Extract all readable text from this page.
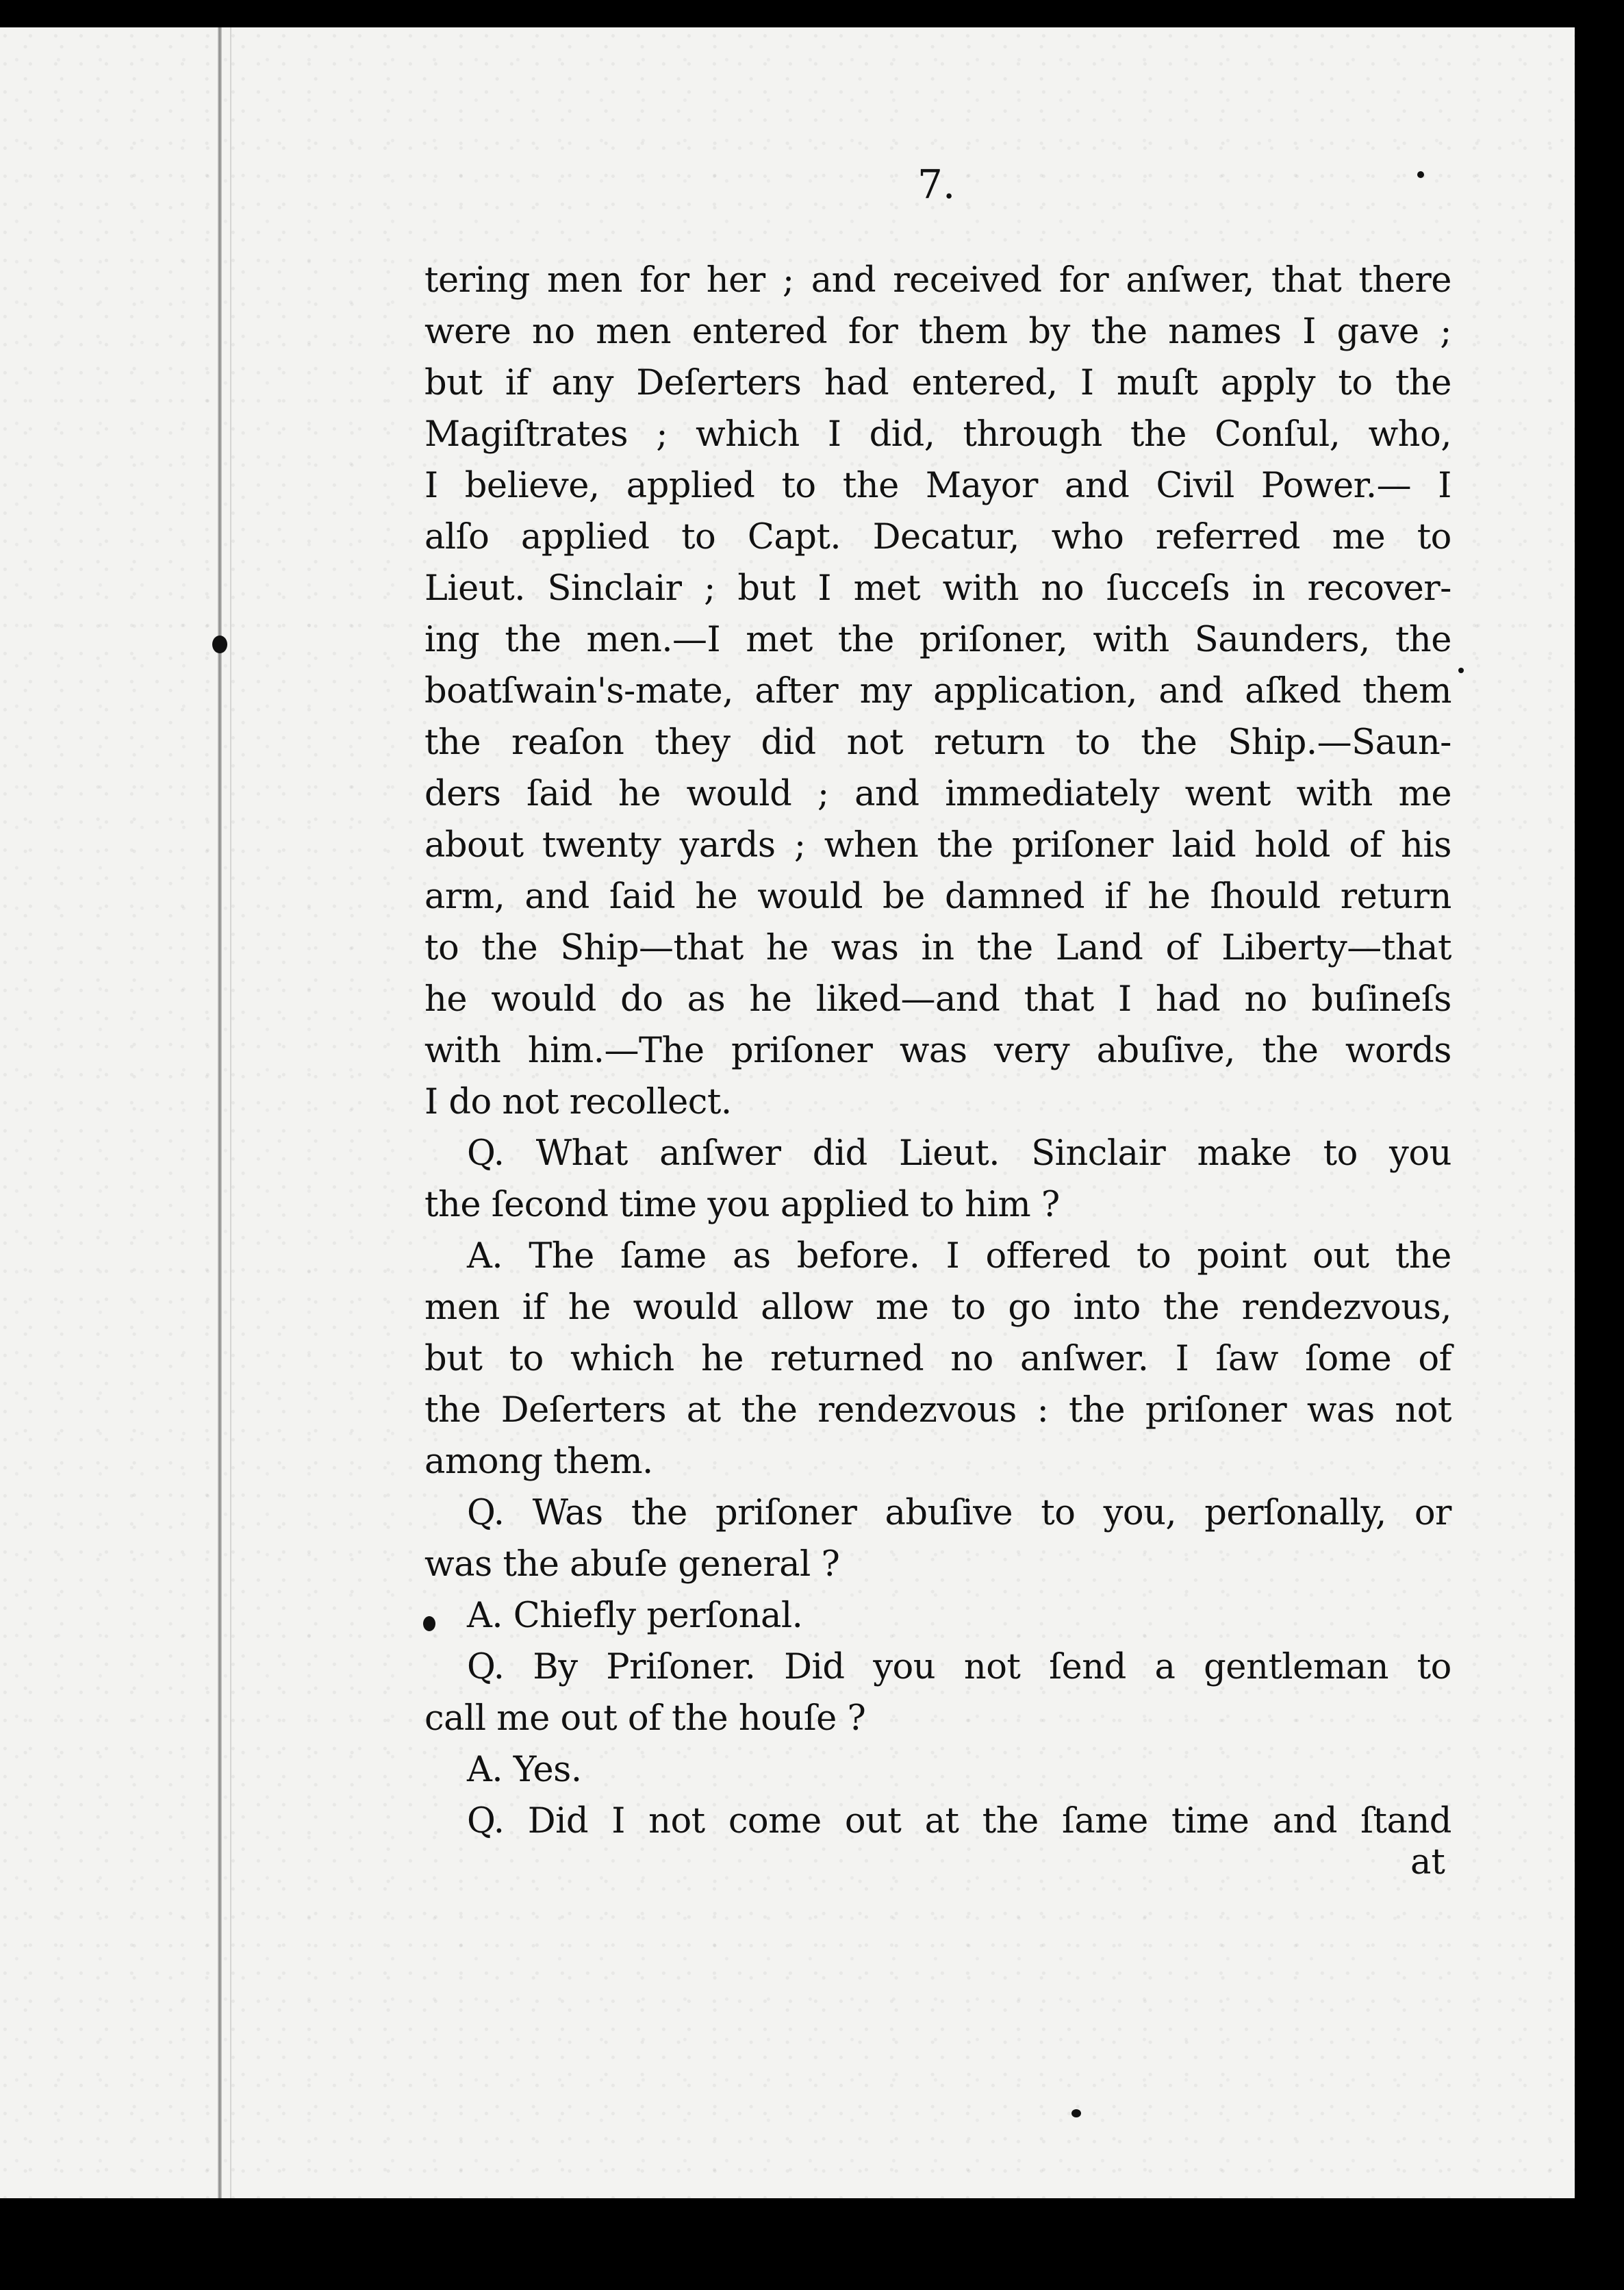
7.
tering men for her ; and received for anſwer, that there
were no men entered for them by the names I gave ;
but if any Deſerters had entered, I muſt apply to the
Magiſtrates ; which I did, through the Conſul, who,
I believe, applied to the Mayor and Civil Power.— I
alſo applied to Capt. Decatur, who referred me to
Lieut. Sinclair ; but I met with no ſucceſs in recover-
ing the men.—I met the priſoner, with Saunders, the
boatſwain's-mate, after my application, and aſked them
the reaſon they did not return to the Ship.—Saun-
ders ſaid he would ; and immediately went with me
about twenty yards ; when the priſoner laid hold of his
arm, and ſaid he would be damned if he ſhould return
to the Ship—that he was in the Land of Liberty—that
he would do as he liked—and that I had no buſineſs
with him.—The priſoner was very abuſive, the words
I do not recollect.
Q. What anſwer did Lieut. Sinclair make to you
the ſecond time you applied to him ?
A. The ſame as before. I offered to point out the
men if he would allow me to go into the rendezvous,
but to which he returned no anſwer. I ſaw ſome of
the Deſerters at the rendezvous : the priſoner was not
among them.
Q. Was the priſoner abuſive to you, perſonally, or
was the abuſe general ?
A. Chiefly perſonal.
Q. By Priſoner. Did you not ſend a gentleman to
call me out of the houſe ?
A. Yes.
Q. Did I not come out at the ſame time and ſtand
at
